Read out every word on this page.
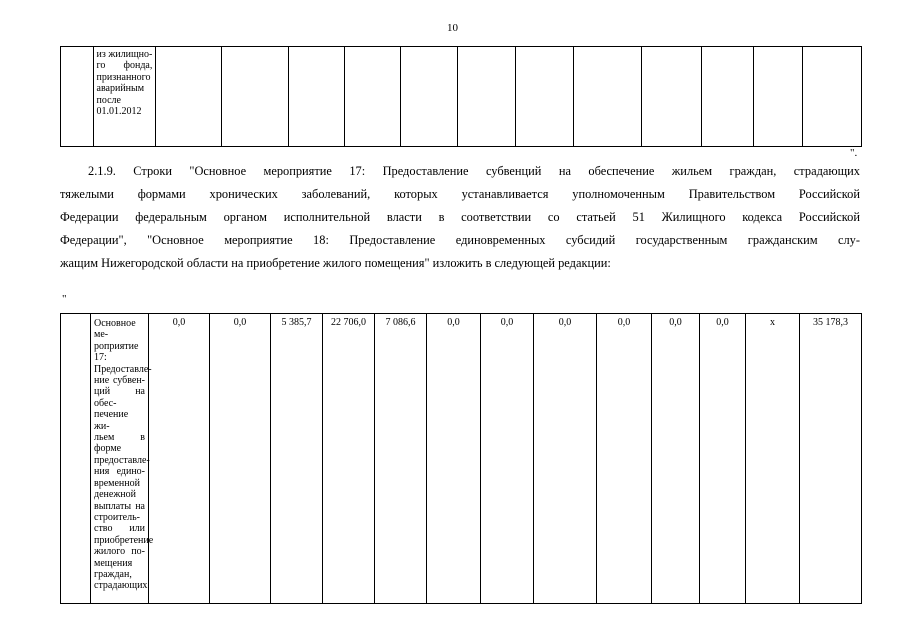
10

из жилищно-
го фонда,
признанного
аварийным
после
01.01.2012

".
2.1.9. Строки "Основное мероприятие 17: Предоставление субвенций на обеспечение жильем граждан, страдающих
тяжелыми формами хронических заболеваний, которых устанавливается уполномоченным Правительством Российской
Федерации федеральным органом исполнительной власти в соответствии со статьей 51 Жилищного кодекса Российской
Федерации", "Основное мероприятие 18: Предоставление единовременных субсидий государственным гражданским слу-
жащим Нижегородской области на приобретение жилого помещения" изложить в следующей редакции:
"

Основное ме-
роприятие 17:
Предоставле-
ние субвен-
ций на обес-
печение жи-
льем в форме
предоставле-
ния едино-
временной
денежной
выплаты на
строитель-
ство или
приобретение
жилого по-
мещения
граждан,
страдающих

0,0	0,0	5 385,7	22 706,0	7 086,6	0,0	0,0	0,0	0,0	0,0	0,0	x	35 178,3
